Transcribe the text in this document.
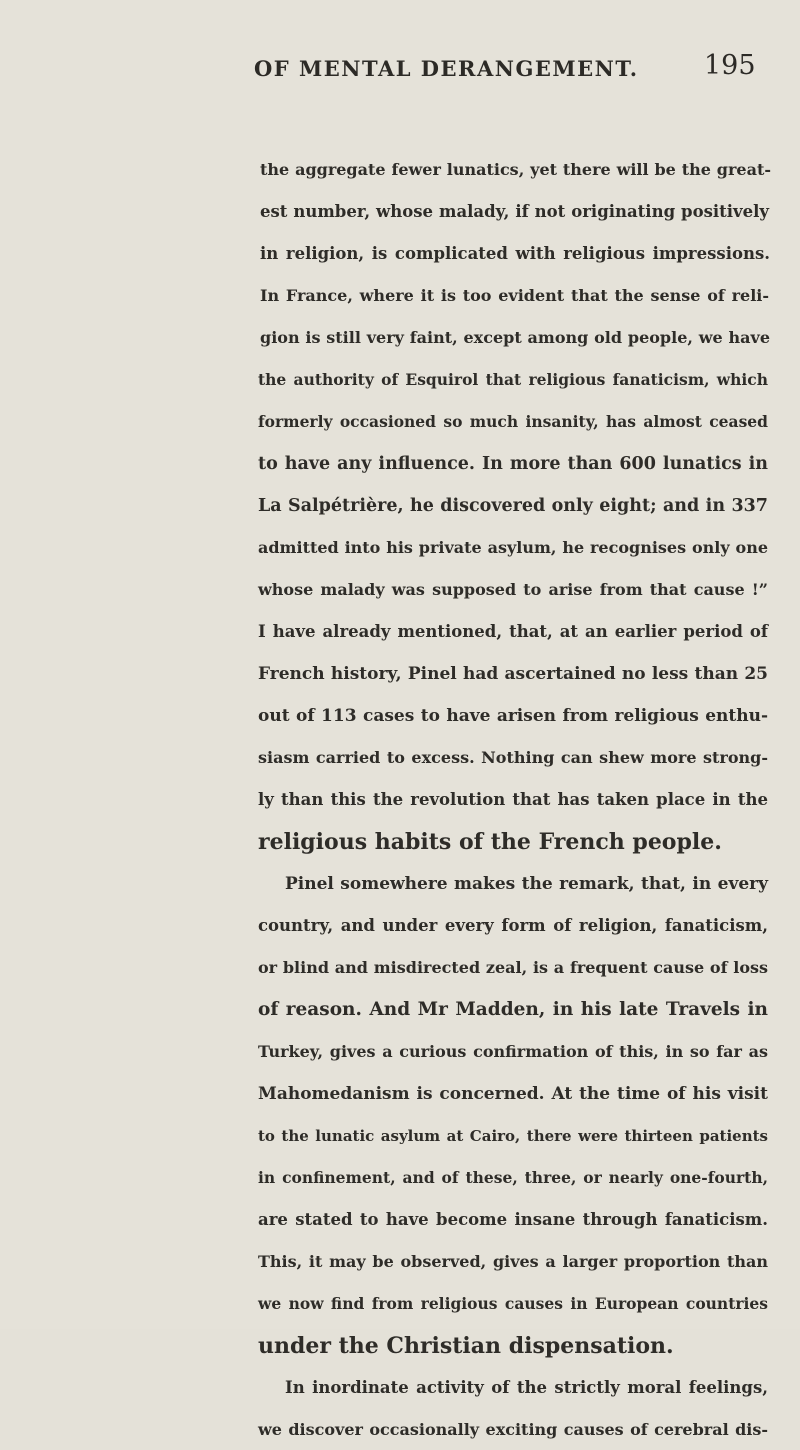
OF MENTAL DERANGEMENT. 195
the aggregate fewer lunatics, yet there will be the great-
est number, whose malady, if not originating positively
in religion, is complicated with religious impressions.
In France, where it is too evident that the sense of reli-
gion is still very faint, except among old people, we have
the authority of Esquirol that religious fanaticism, which
formerly occasioned so much insanity, has almost ceased
to have any influence. In more than 600 lunatics in
La Salpétrière, he discovered only eight; and in 337
admitted into his private asylum, he recognises only one
whose malady was supposed to arise from that cause !”
I have already mentioned, that, at an earlier period of
French history, Pinel had ascertained no less than 25
out of 113 cases to have arisen from religious enthu-
siasm carried to excess. Nothing can shew more strong-
ly than this the revolution that has taken place in the
religious habits of the French people.
Pinel somewhere makes the remark, that, in every
country, and under every form of religion, fanaticism,
or blind and misdirected zeal, is a frequent cause of loss
of reason. And Mr Madden, in his late Travels in
Turkey, gives a curious confirmation of this, in so far as
Mahomedanism is concerned. At the time of his visit
to the lunatic asylum at Cairo, there were thirteen patients
in confinement, and of these, three, or nearly one-fourth,
are stated to have become insane through fanaticism.
This, it may be observed, gives a larger proportion than
we now find from religious causes in European countries
under the Christian dispensation.
In inordinate activity of the strictly moral feelings,
we discover occasionally exciting causes of cerebral dis-
